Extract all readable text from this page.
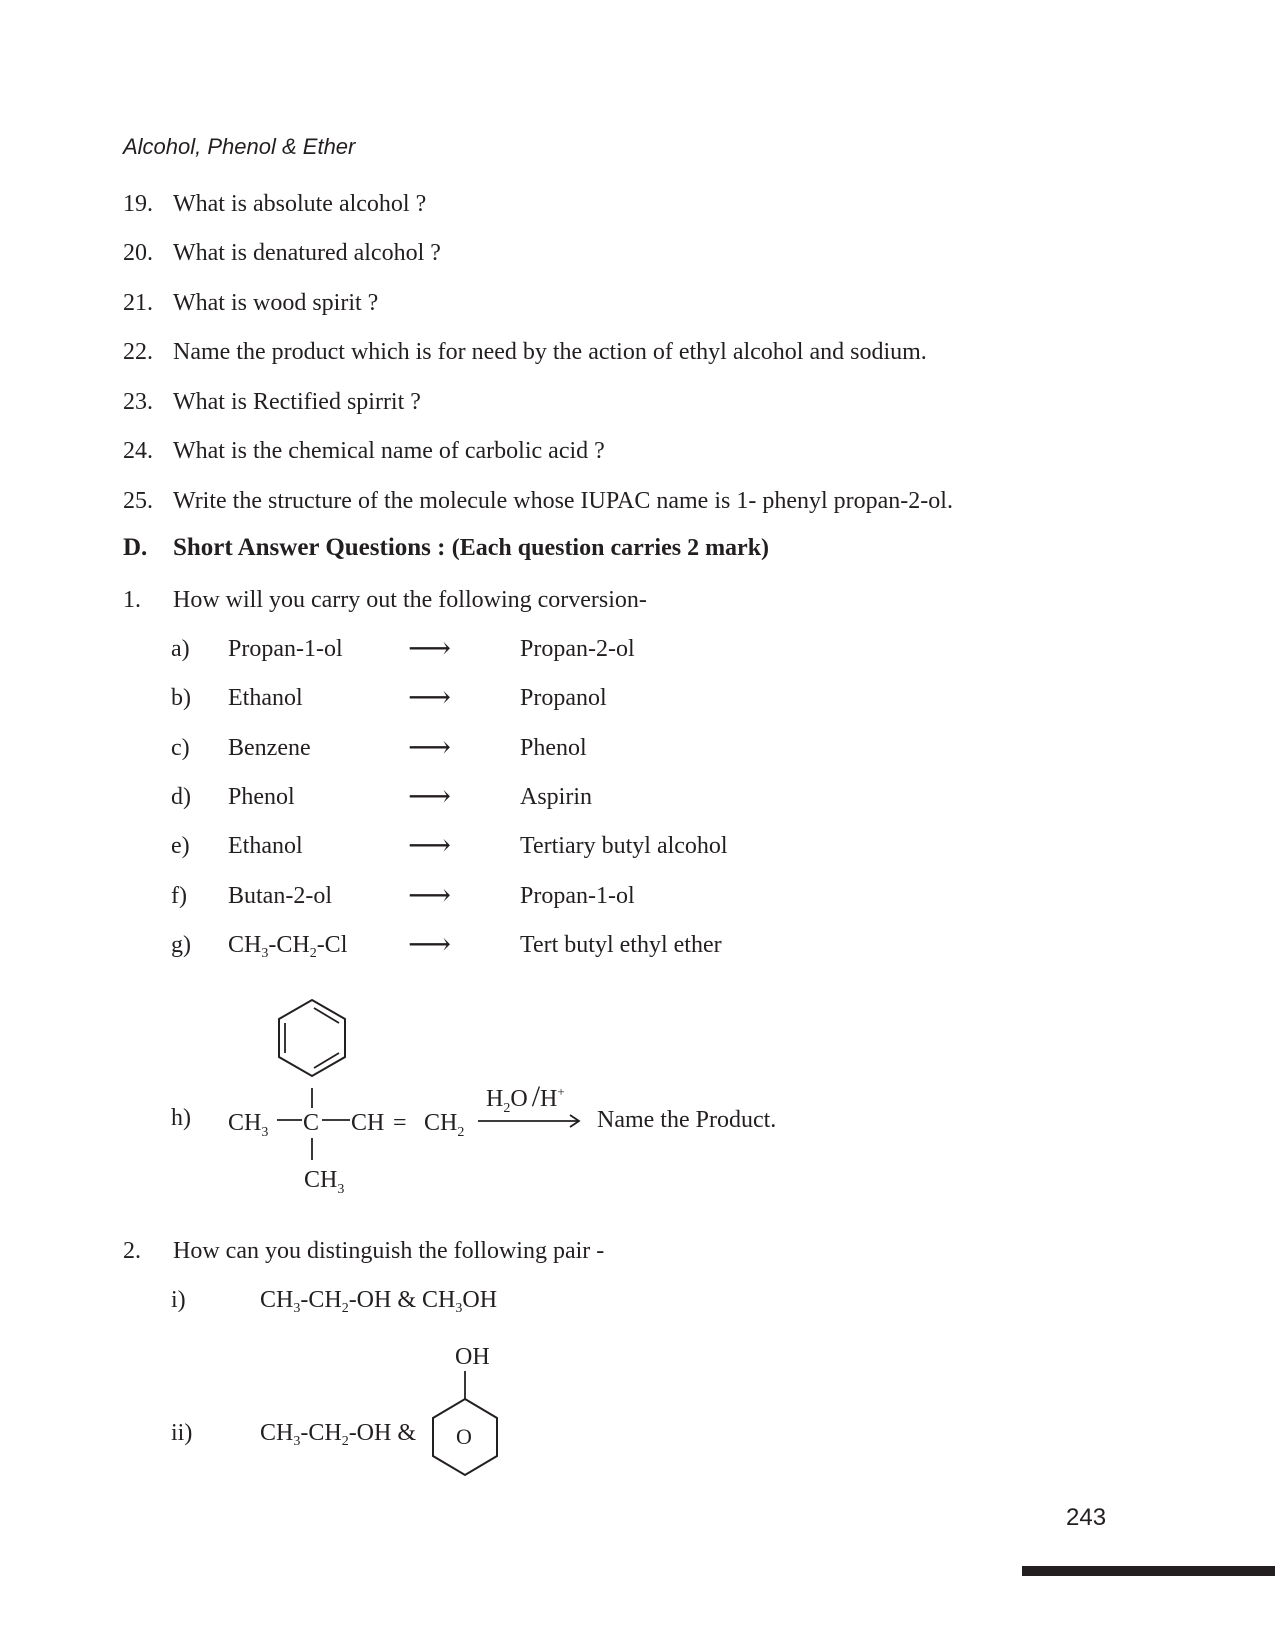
Alcohol, Phenol & Ether
19. What is absolute alcohol ?
20. What is denatured alcohol ?
21. What is wood spirit ?
22. Name the product which is for need by the action of ethyl alcohol and sodium.
23. What is Rectified spirrit ?
24. What is the chemical name of carbolic acid ?
25. Write the structure of the molecule whose IUPAC name is 1- phenyl propan-2-ol.
D. Short Answer Questions : (Each question carries 2 mark)
1. How will you carry out the following corversion-
a) Propan-1-ol ⟶	Propan-2-ol
b) Ethanol	⟶	Propanol
c) Benzene	⟶	Phenol
d) Phenol	⟶	Aspirin
e) Ethanol	⟶	Tertiary butyl alcohol
f) Butan-2-ol	⟶	Propan-1-ol
g) $CH_3-CH_2-Cl$ ⟶	Tert butyl ethyl ether
h) $CH_3$ C CH = $CH_2$
$CH_3$
$H_2O$ /H+
Name the Product.
OH
O
2. How can you distinguish the following pair -
i)	$CH_3-CH_2-OH$ & $CH_3OH$
ii)	$CH_3-CH_2-OH$ &
243
